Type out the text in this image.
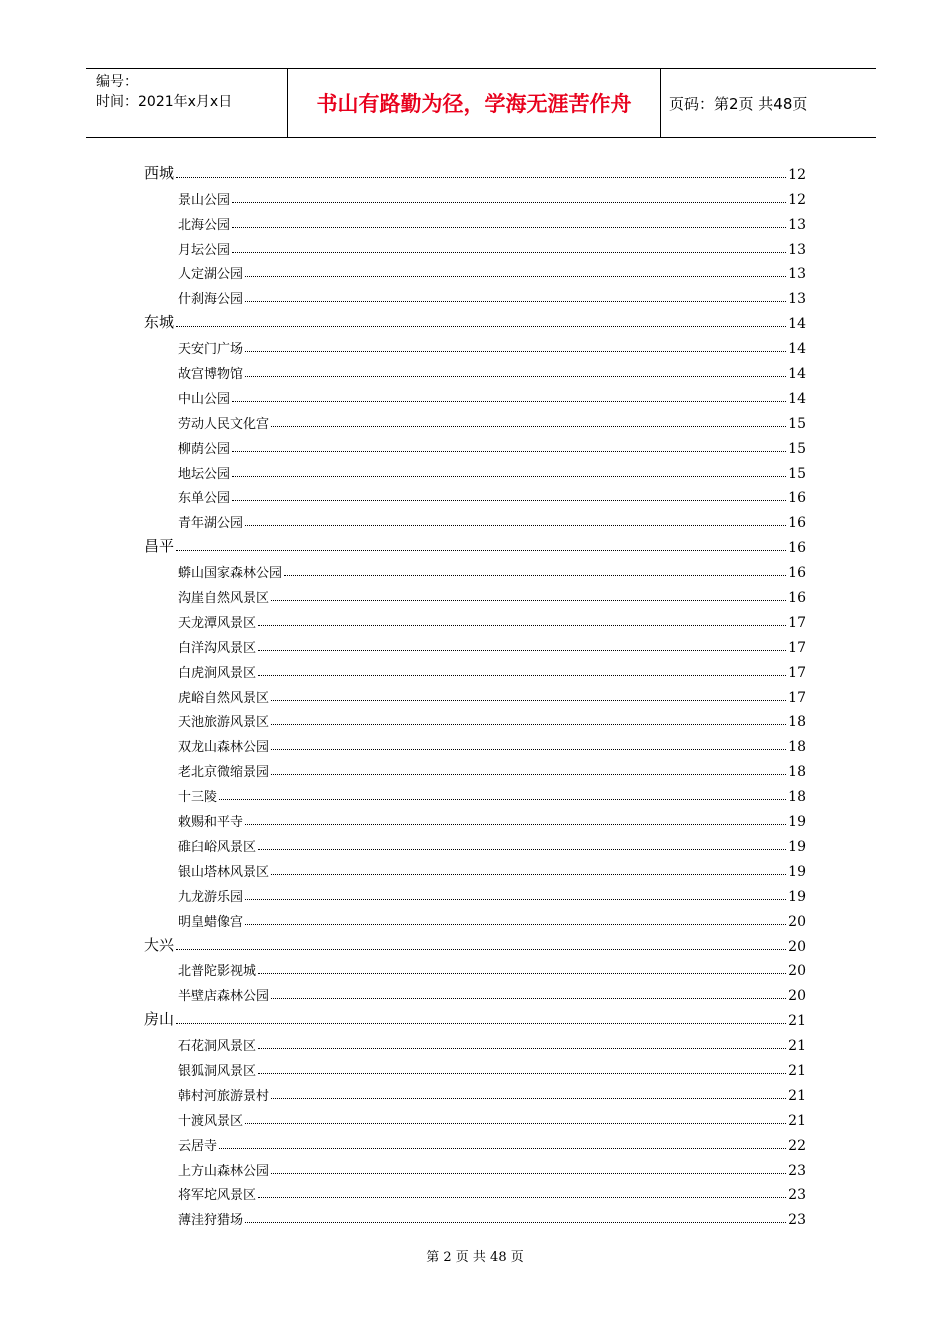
编号：
时间：2021年x月x日	书山有路勤为径，学海无涯苦作舟	页码：第2页 共48页
西城	12
景山公园	12
北海公园	13
月坛公园	13
人定湖公园	13
什刹海公园	13
东城	14
天安门广场	14
故宫博物馆	14
中山公园	14
劳动人民文化宫	15
柳荫公园	15
地坛公园	15
东单公园	16
青年湖公园	16
昌平	16
蟒山国家森林公园	16
沟崖自然风景区	16
天龙潭风景区	17
白洋沟风景区	17
白虎涧风景区	17
虎峪自然风景区	17
天池旅游风景区	18
双龙山森林公园	18
老北京微缩景园	18
十三陵	18
敕赐和平寺	19
碓臼峪风景区	19
银山塔林风景区	19
九龙游乐园	19
明皇蜡像宫	20
大兴	20
北普陀影视城	20
半壁店森林公园	20
房山	21
石花洞风景区	21
银狐洞风景区	21
韩村河旅游景村	21
十渡风景区	21
云居寺	22
上方山森林公园	23
将军坨风景区	23
薄洼狩猎场	23
第 2 页 共 48 页
